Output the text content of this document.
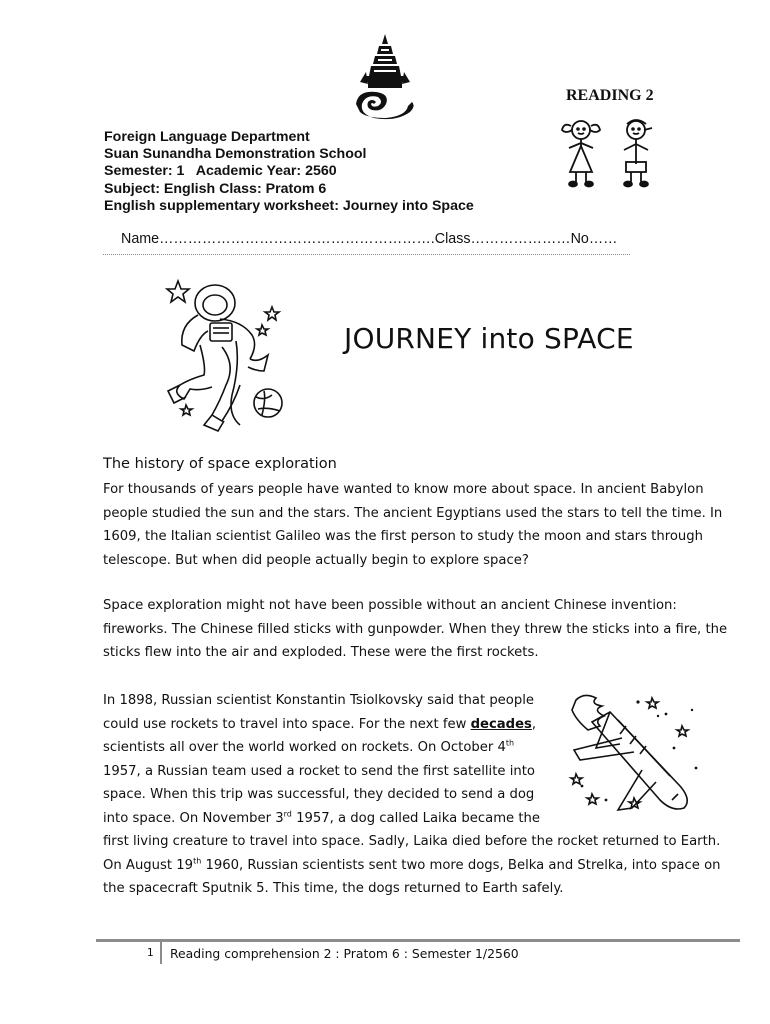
READING 2
Foreign Language Department
Suan Sunandha Demonstration School
Semester: 1   Academic Year: 2560
Subject: English Class: Pratom 6
English supplementary worksheet: Journey into Space
Name………………………………………………….Class…………………No……
JOURNEY into SPACE
The history of space exploration

For thousands of years people have wanted to know more about space. In ancient Babylon

people studied the sun and the stars. The ancient Egyptians used the stars to tell the time. In

1609, the Italian scientist Galileo was the first person to study the moon and stars through

telescope. But when did people actually begin to explore space?

Space exploration might not have been possible without an ancient Chinese invention:

fireworks. The Chinese filled sticks with gunpowder. When they threw the sticks into a fire, the

sticks flew into the air and exploded. These were the first rockets.

In 1898, Russian scientist Konstantin Tsiolkovsky said that people

could use rockets to travel into space. For the next few decades,

scientists all over the world worked on rockets. On October 4th

1957, a Russian team used a rocket to send the first satellite into

space. When this trip was successful, they decided to send a dog

into space. On November 3rd 1957, a dog called Laika became the

first living creature to travel into space. Sadly, Laika died before the rocket returned to Earth.

On August 19th 1960, Russian scientists sent two more dogs, Belka and Strelka, into space on

the spacecraft Sputnik 5. This time, the dogs returned to Earth safely.

1 Reading comprehension 2 : Pratom 6 : Semester 1/2560
